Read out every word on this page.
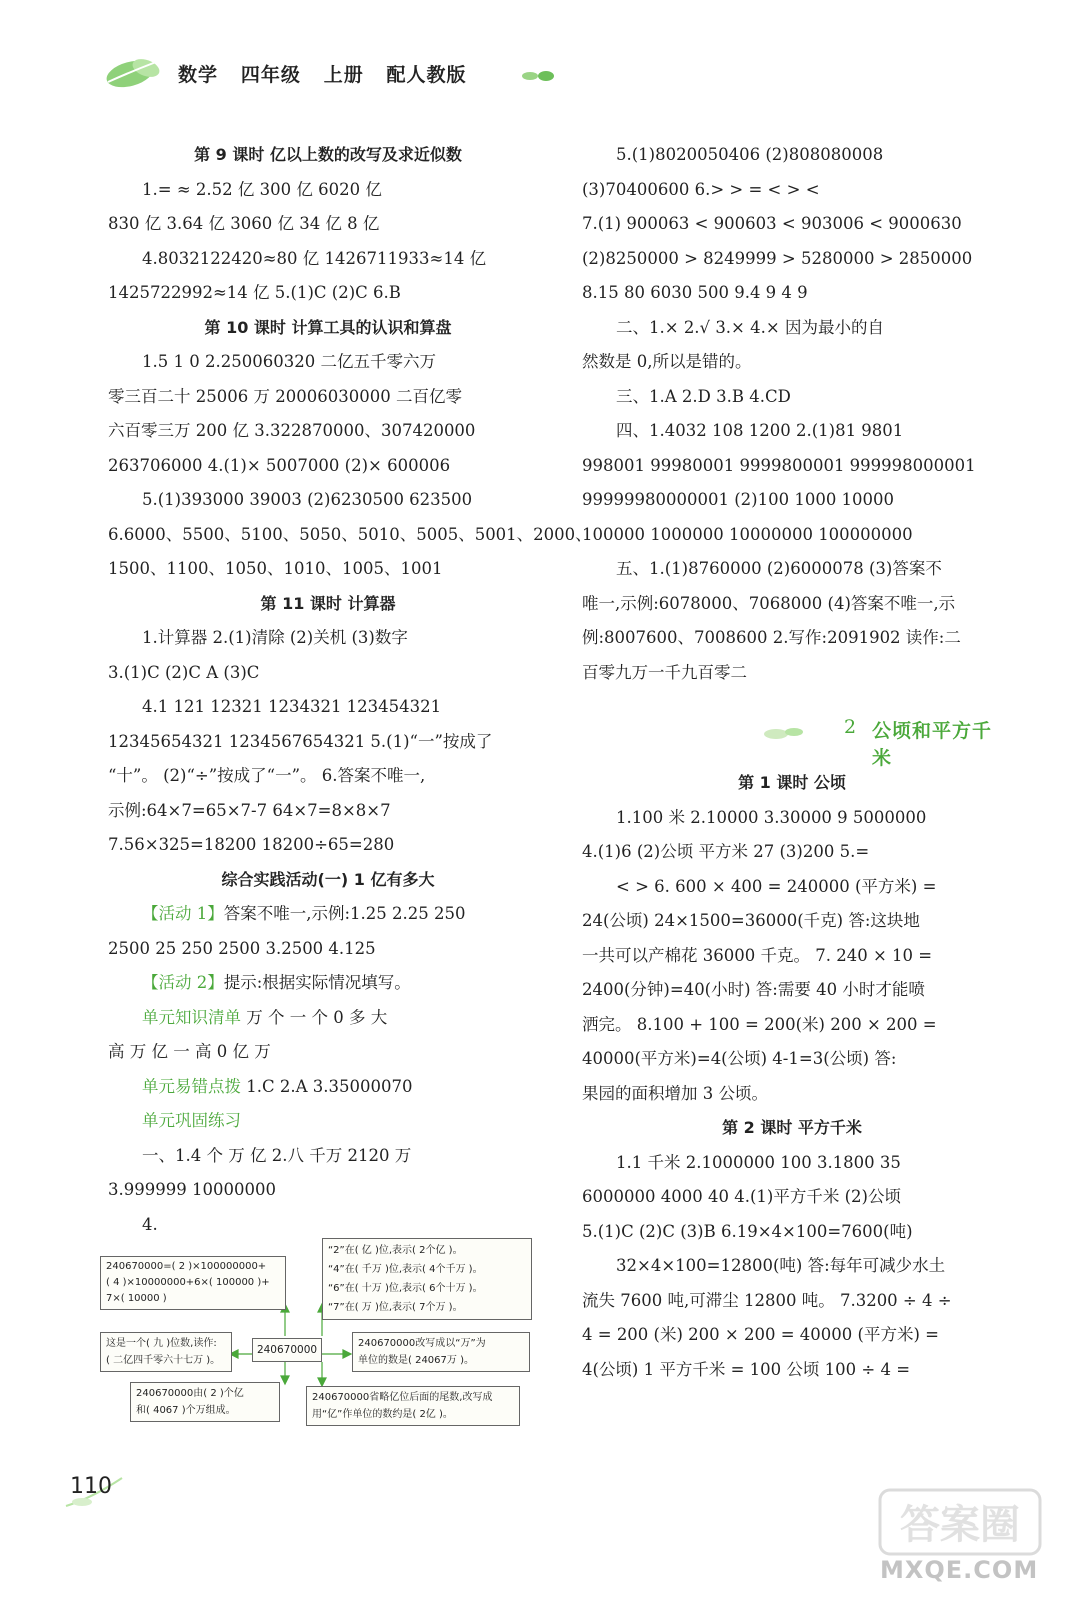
数学   四年级   上册   配人教版
第 9 课时 亿以上数的改写及求近似数
1.= ≈ 2.52 亿 300 亿 6020 亿
830 亿 3.64 亿 3060 亿 34 亿 8 亿
4.8032122420≈80 亿 1426711933≈14 亿
1425722992≈14 亿 5.(1)C (2)C 6.B
第 10 课时 计算工具的认识和算盘
1.5 1 0 2.250060320 二亿五千零六万
零三百二十 25006 万 20006030000 二百亿零
六百零三万 200 亿 3.322870000、307420000
263706000 4.(1)× 5007000 (2)× 600006
5.(1)393000 39003 (2)6230500 623500
6.6000、5500、5100、5050、5010、5005、5001、2000、
1500、1100、1050、1010、1005、1001
第 11 课时 计算器
1.计算器 2.(1)清除 (2)关机 (3)数字
3.(1)C (2)C A (3)C
4.1 121 12321 1234321 123454321
12345654321 1234567654321 5.(1)“一”按成了
“十”。 (2)“÷”按成了“一”。 6.答案不唯一,
示例:64×7=65×7-7 64×7=8×8×7
7.56×325=18200 18200÷65=280
综合实践活动(一) 1 亿有多大
【活动 1】答案不唯一,示例:1.25 2.25 250
2500 25 250 2500 3.2500 4.125
【活动 2】提示:根据实际情况填写。
单元知识清单 万 个 一 个 0 多 大
高 万 亿 一 高 0 亿 万
单元易错点拨 1.C 2.A 3.35000070
单元巩固练习
一、1.4 个 万 亿 2.八 千万 2120 万
3.999999 10000000
4.
240670000=( 2 )×100000000+
( 4 )×10000000+6×( 100000 )+
7×( 10000 )
“2”在( 亿 )位,表示( 2个亿 )。
“4”在( 千万 )位,表示( 4个千万 )。
“6”在( 十万 )位,表示( 6个十万 )。
“7”在( 万 )位,表示( 7个万 )。
这是一个( 九 )位数,读作:
( 二亿四千零六十七万 )。
240670000
240670000改写成以“万”为
单位的数是( 24067万 )。
240670000由( 2 )个亿
和( 4067 )个万组成。
240670000省略亿位后面的尾数,改写成
用“亿”作单位的数约是( 2亿 )。
5.(1)8020050406 (2)808080008
(3)70400600 6.> > = < > <
7.(1) 900063 < 900603 < 903006 < 9000630
(2)8250000 > 8249999 > 5280000 > 2850000
8.15 80 6030 500 9.4 9 4 9
二、1.× 2.√ 3.× 4.× 因为最小的自
然数是 0,所以是错的。
三、1.A 2.D 3.B 4.CD
四、1.4032 108 1200 2.(1)81 9801
998001 99980001 9999800001 999998000001
99999980000001 (2)100 1000 10000
100000 1000000 10000000 100000000
五、1.(1)8760000 (2)6000078 (3)答案不
唯一,示例:6078000、7068000 (4)答案不唯一,示
例:8007600、7008600 2.写作:2091902 读作:二
百零九万一千九百零二
2 公顷和平方千米
第 1 课时 公顷
1.100 米 2.10000 3.30000 9 5000000
4.(1)6 (2)公顷 平方米 27 (3)200 5.=
< > 6. 600 × 400 = 240000 (平方米) =
24(公顷) 24×1500=36000(千克) 答:这块地
一共可以产棉花 36000 千克。 7. 240 × 10 =
2400(分钟)=40(小时) 答:需要 40 小时才能喷
洒完。 8.100 + 100 = 200(米) 200 × 200 =
40000(平方米)=4(公顷) 4-1=3(公顷) 答:
果园的面积增加 3 公顷。
第 2 课时 平方千米
1.1 千米 2.1000000 100 3.1800 35
6000000 4000 40 4.(1)平方千米 (2)公顷
5.(1)C (2)C (3)B 6.19×4×100=7600(吨)
32×4×100=12800(吨) 答:每年可减少水土
流失 7600 吨,可滞尘 12800 吨。 7.3200 ÷ 4 ÷
4 = 200 (米) 200 × 200 = 40000 (平方米) =
4(公顷) 1 平方千米 = 100 公顷 100 ÷ 4 =
110
答案圈
MXQE.COM
